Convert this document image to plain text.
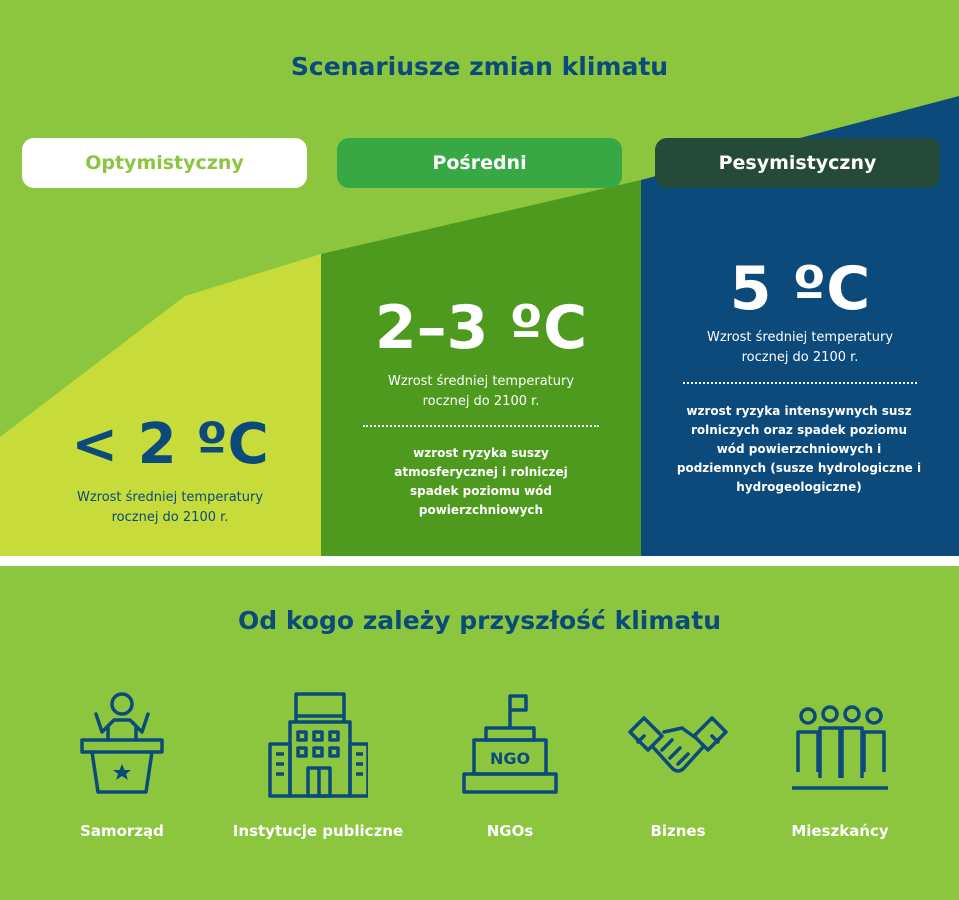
Scenariusze zmian klimatu
Optymistyczny	Pośredni	Pesymistyczny
< 2 ºC
Wzrost średniej temperatury rocznej do 2100 r.
2–3 ºC
Wzrost średniej temperatury rocznej do 2100 r.
wzrost ryzyka suszy atmosferycznej i rolniczej spadek poziomu wód powierzchniowych
5 ºC
Wzrost średniej temperatury rocznej do 2100 r.
wzrost ryzyka intensywnych susz rolniczych oraz spadek poziomu wód powierzchniowych i podziemnych (susze hydrologiczne i hydrogeologiczne)
Od kogo zależy przyszłość klimatu
NGO
Samorząd	Instytucje publiczne	NGOs	Biznes	Mieszkańcy
